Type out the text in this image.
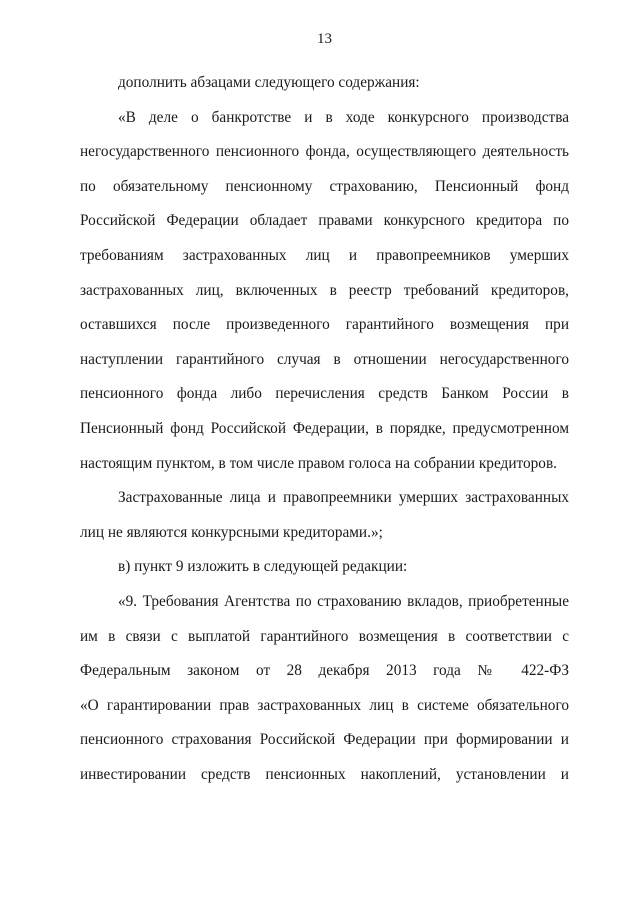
13
дополнить абзацами следующего содержания:
«В деле о банкротстве и в ходе конкурсного производства
негосударственного пенсионного фонда, осуществляющего деятельность
по обязательному пенсионному страхованию, Пенсионный фонд
Российской Федерации обладает правами конкурсного кредитора по
требованиям застрахованных лиц и правопреемников умерших
застрахованных лиц, включенных в реестр требований кредиторов,
оставшихся после произведенного гарантийного возмещения при
наступлении гарантийного случая в отношении негосударственного
пенсионного фонда либо перечисления средств Банком России в
Пенсионный фонд Российской Федерации, в порядке, предусмотренном
настоящим пунктом, в том числе правом голоса на собрании кредиторов.
Застрахованные лица и правопреемники умерших застрахованных
лиц не являются конкурсными кредиторами.»;
в) пункт 9 изложить в следующей редакции:
«9. Требования Агентства по страхованию вкладов, приобретенные
им в связи с выплатой гарантийного возмещения в соответствии с
Федеральным законом от 28 декабря 2013 года № 422-ФЗ
«О гарантировании прав застрахованных лиц в системе обязательного
пенсионного страхования Российской Федерации при формировании и
инвестировании средств пенсионных накоплений, установлении и
